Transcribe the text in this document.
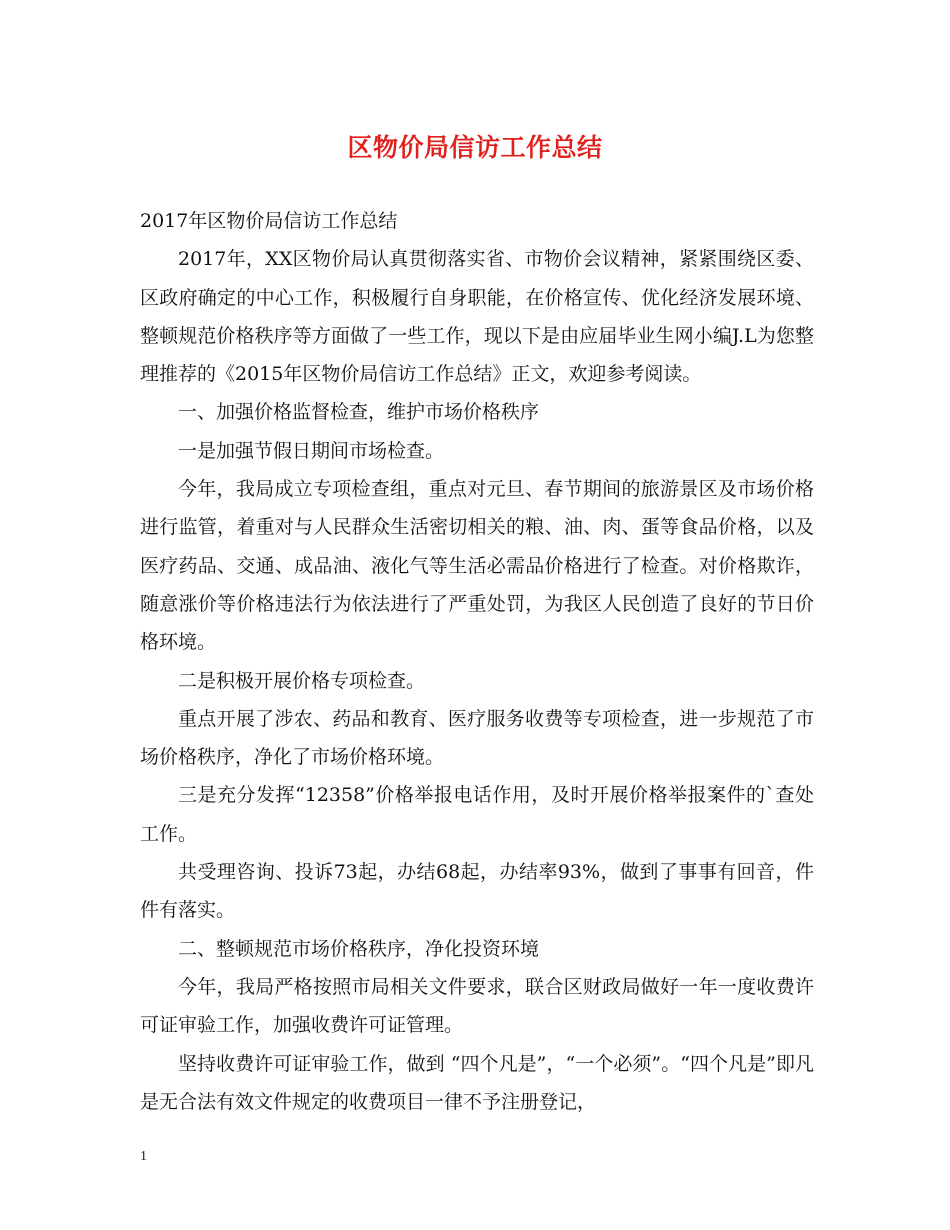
区物价局信访工作总结

2017年区物价局信访工作总结

2017年，XX区物价局认真贯彻落实省、市物价会议精神，紧紧围绕区委、区政府确定的中心工作，积极履行自身职能，在价格宣传、优化经济发展环境、整顿规范价格秩序等方面做了一些工作，现以下是由应届毕业生网小编J.L为您整理推荐的《2015年区物价局信访工作总结》正文，欢迎参考阅读。

一、加强价格监督检查，维护市场价格秩序

一是加强节假日期间市场检查。

今年，我局成立专项检查组，重点对元旦、春节期间的旅游景区及市场价格进行监管，着重对与人民群众生活密切相关的粮、油、肉、蛋等食品价格，以及医疗药品、交通、成品油、液化气等生活必需品价格进行了检查。对价格欺诈，随意涨价等价格违法行为依法进行了严重处罚，为我区人民创造了良好的节日价格环境。

二是积极开展价格专项检查。

重点开展了涉农、药品和教育、医疗服务收费等专项检查，进一步规范了市场价格秩序，净化了市场价格环境。

三是充分发挥“12358”价格举报电话作用，及时开展价格举报案件的`查处工作。

共受理咨询、投诉73起，办结68起，办结率93%，做到了事事有回音，件件有落实。

二、整顿规范市场价格秩序，净化投资环境

今年，我局严格按照市局相关文件要求，联合区财政局做好一年一度收费许可证审验工作，加强收费许可证管理。

坚持收费许可证审验工作，做到 “四个凡是”，“一个必须”。“四个凡是”即凡是无合法有效文件规定的收费项目一律不予注册登记，

1
